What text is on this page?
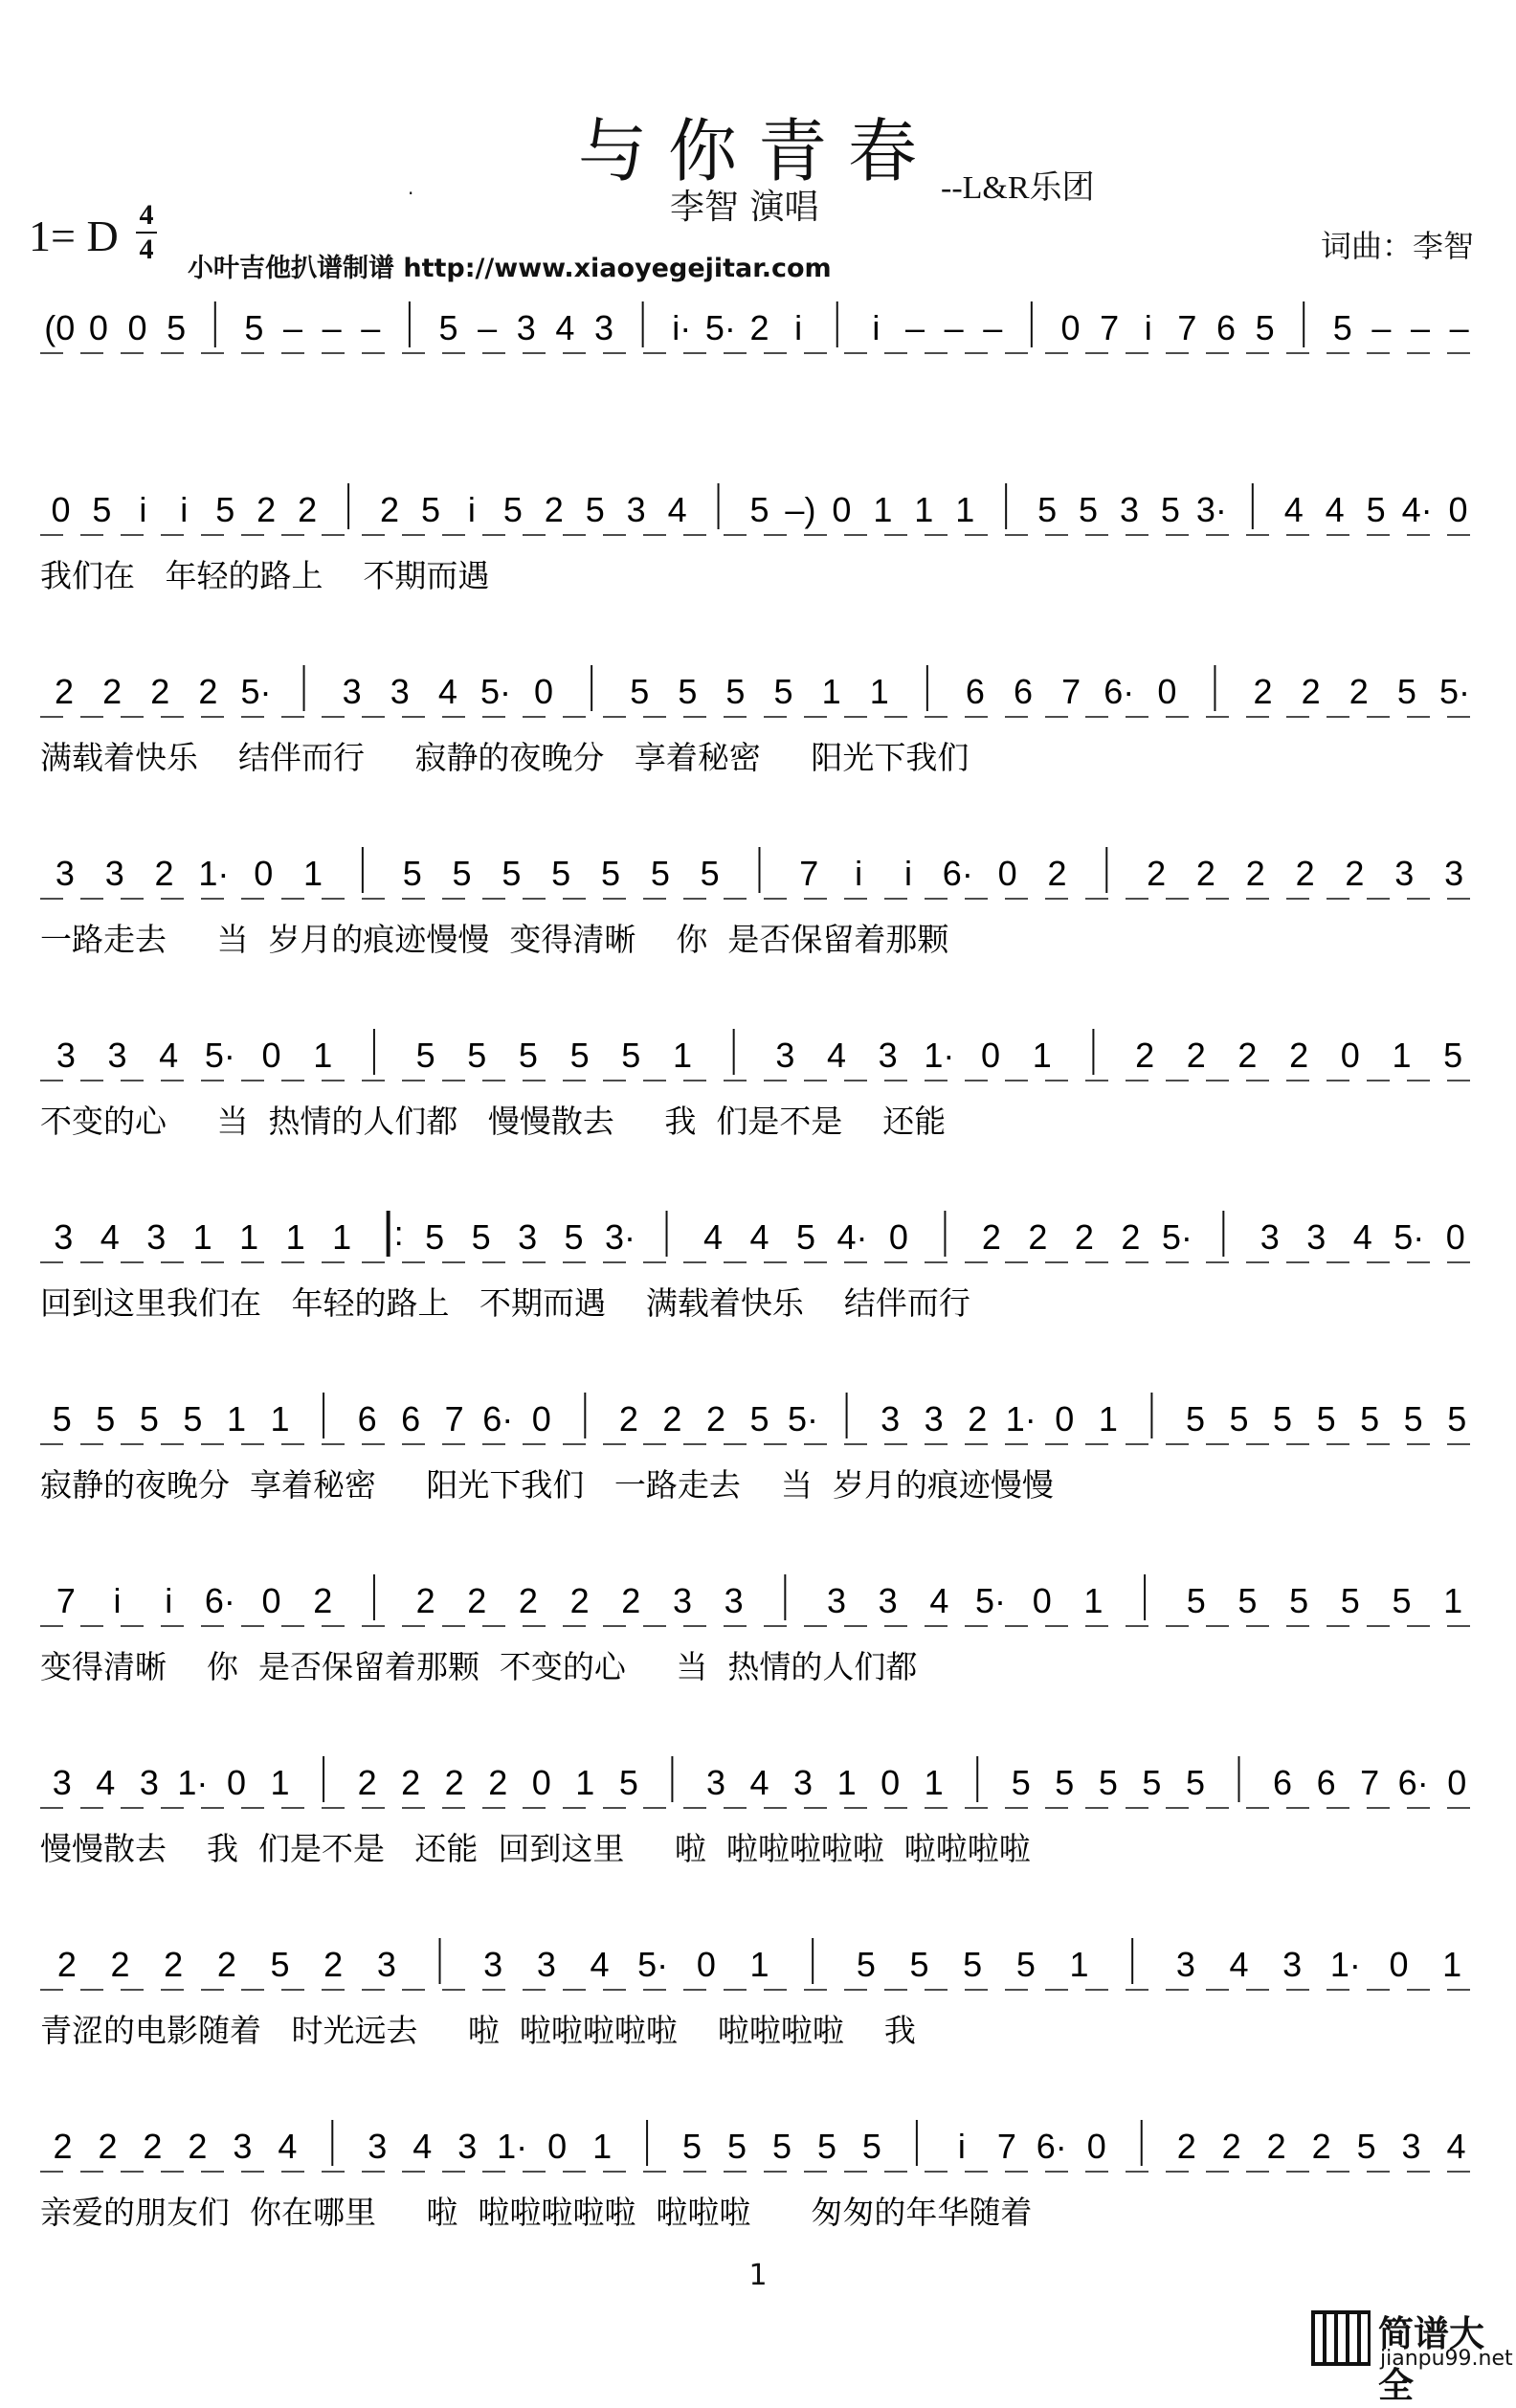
与你青春
·	--L&R乐团
李智 演唱
1= D 4
4
小叶吉他扒谱制谱 http://www.xiaoyegejitar.com
词曲：李智
(0 0 0 5 5 – – – 5 – 3 4 3 i· 5· 2 i i – – – 0 7 i 7 6 5 5 – – –
0 5 i i 5 2 2 2 5 i 5 2 5 3 4 5 –) 0 1 1 1 5 5 3 5 3· 4 4 5 4· 0
我们在   年轻的路上    不期而遇
2 2 2 2 5· 3 3 4 5· 0 5 5 5 5 1 1 6 6 7 6· 0 2 2 2 5 5·
满载着快乐    结伴而行     寂静的夜晚分   享着秘密     阳光下我们
3 3 2 1· 0 1 5 5 5 5 5 5 5 7 i i 6· 0 2 2 2 2 2 2 3 3
一路走去     当  岁月的痕迹慢慢  变得清晰    你  是否保留着那颗
3 3 4 5· 0 1 5 5 5 5 5 1 3 4 3 1· 0 1 2 2 2 2 0 1 5
不变的心     当  热情的人们都   慢慢散去     我  们是不是    还能
3 4 3 1 1 1 1 : 5 5 3 5 3· 4 4 5 4· 0 2 2 2 2 5· 3 3 4 5· 0
回到这里我们在   年轻的路上   不期而遇    满载着快乐    结伴而行
5 5 5 5 1 1 6 6 7 6· 0 2 2 2 5 5· 3 3 2 1· 0 1 5 5 5 5 5 5 5
寂静的夜晚分  享着秘密     阳光下我们   一路走去    当  岁月的痕迹慢慢
7 i i 6· 0 2 2 2 2 2 2 3 3 3 3 4 5· 0 1 5 5 5 5 5 1
变得清晰    你  是否保留着那颗  不变的心     当  热情的人们都
3 4 3 1· 0 1 2 2 2 2 0 1 5 3 4 3 1 0 1 5 5 5 5 5 6 6 7 6· 0
慢慢散去    我  们是不是   还能  回到这里     啦  啦啦啦啦啦  啦啦啦啦
2 2 2 2 5 2 3	3 3 4 5· 0 1	5 5 5 5 1	3 4 3 1· 0 1
青涩的电影随着   时光远去     啦  啦啦啦啦啦    啦啦啦啦    我
2 2 2 2 3 4 3 4 3 1· 0 1 5 5 5 5 5 i 7 6· 0 2 2 2 2 5 3 4
亲爱的朋友们  你在哪里     啦  啦啦啦啦啦  啦啦啦      匆匆的年华随着
1
简谱大全
jianpu99.net
